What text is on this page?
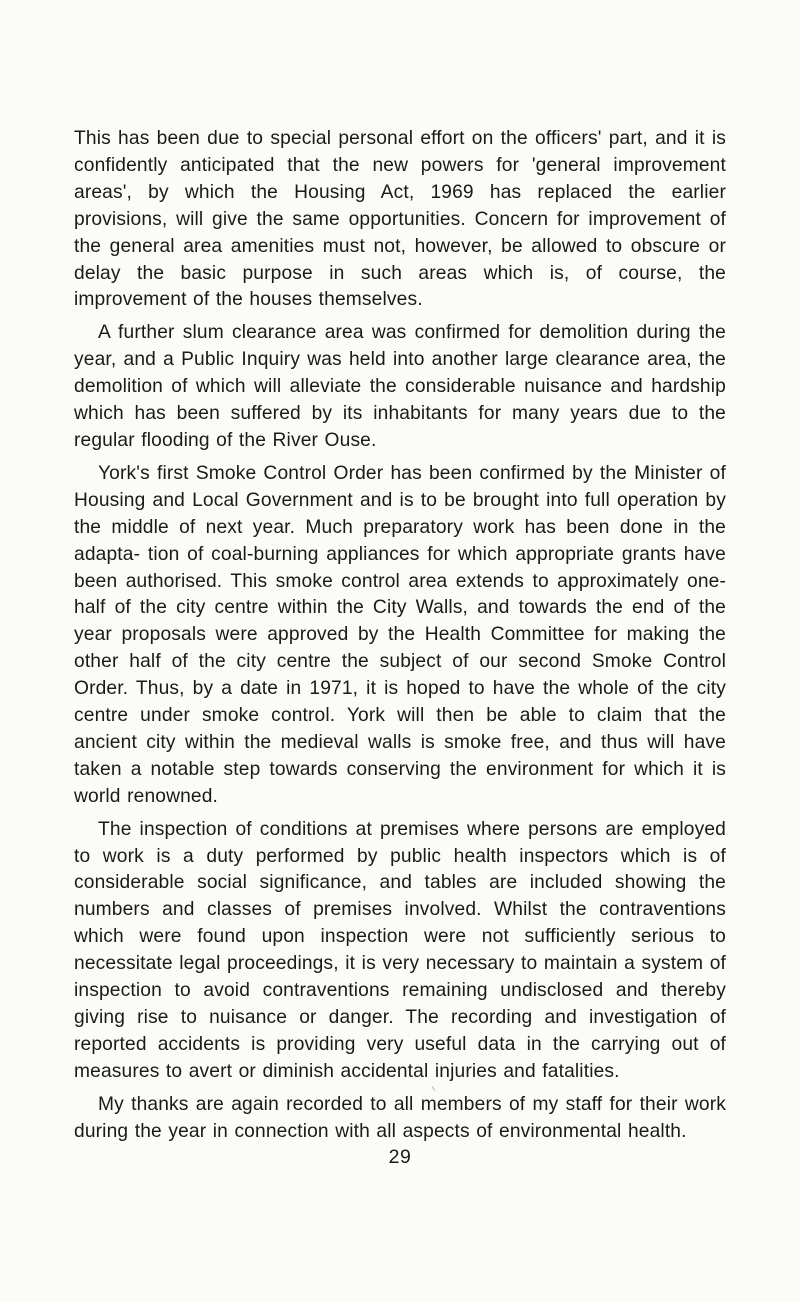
This has been due to special personal effort on the officers' part, and it is confidently anticipated that the new powers for 'general improvement areas', by which the Housing Act, 1969 has replaced the earlier provisions, will give the same opportunities. Concern for improvement of the general area amenities must not, however, be allowed to obscure or delay the basic purpose in such areas which is, of course, the improvement of the houses themselves.

A further slum clearance area was confirmed for demolition during the year, and a Public Inquiry was held into another large clearance area, the demolition of which will alleviate the considerable nuisance and hardship which has been suffered by its inhabitants for many years due to the regular flooding of the River Ouse.

York's first Smoke Control Order has been confirmed by the Minister of Housing and Local Government and is to be brought into full operation by the middle of next year. Much preparatory work has been done in the adapta- tion of coal-burning appliances for which appropriate grants have been authorised. This smoke control area extends to approximately one-half of the city centre within the City Walls, and towards the end of the year proposals were approved by the Health Committee for making the other half of the city centre the subject of our second Smoke Control Order. Thus, by a date in 1971, it is hoped to have the whole of the city centre under smoke control. York will then be able to claim that the ancient city within the medieval walls is smoke free, and thus will have taken a notable step towards conserving the environment for which it is world renowned.

The inspection of conditions at premises where persons are employed to work is a duty performed by public health inspectors which is of considerable social significance, and tables are included showing the numbers and classes of premises involved. Whilst the contraventions which were found upon inspection were not sufficiently serious to necessitate legal proceedings, it is very necessary to maintain a system of inspection to avoid contraventions remaining undisclosed and thereby giving rise to nuisance or danger. The recording and investigation of reported accidents is providing very useful data in the carrying out of measures to avert or diminish accidental injuries and fatalities.

My thanks are again recorded to all members of my staff for their work during the year in connection with all aspects of environmental health.

29
